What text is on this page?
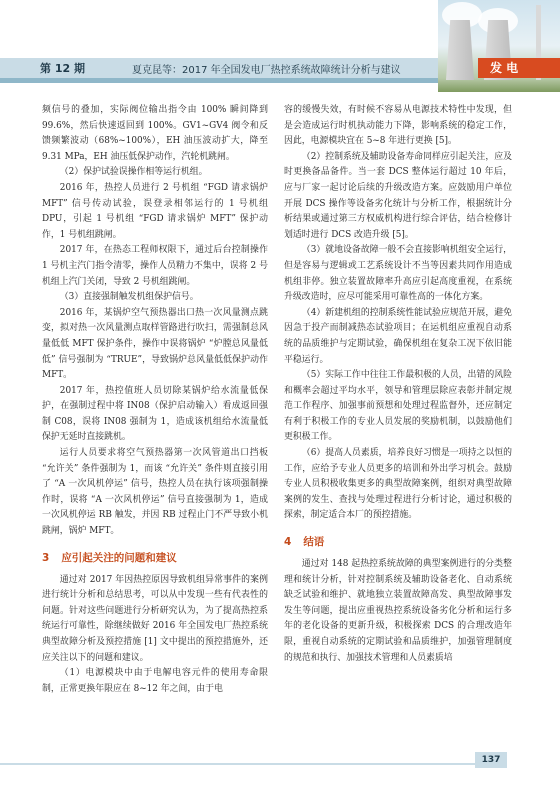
第 12 期	夏克昆等：2017 年全国发电厂热控系统故障统计分析与建议	发 电

频信号的叠加，实际阀位输出指令由 100% 瞬间降到 99.6%，然后快速返回到 100%。GV1~GV4 阀令和反馈频繁波动（68%~100%），EH 油压波动扩大，降至 9.31 MPa，EH 油压低保护动作，汽轮机跳闸。

（2）保护试验误操作相等运行机组。

2016 年，热控人员进行 2 号机组 “FGD 请求锅炉 MFT” 信号传动试验，误登录相邻运行的 1 号机组 DPU，引起 1 号机组 “FGD 请求锅炉 MFT” 保护动作，1 号机组跳闸。

2017 年，在热态工程师权限下，通过后台控制操作 1 号机主汽门指令清零，操作人员精力不集中，误将 2 号机组上汽门关闭，导致 2 号机组跳闸。

（3）直接强制触发机组保护信号。

2016 年，某锅炉空气预热器出口热一次风量测点跳变，拟对热一次风量测点取样管路进行吹扫，需强制总风量低低 MFT 保护条件，操作中误将锅炉 “炉膛总风量低低” 信号强制为 “TRUE”，导致锅炉总风量低低保护动作 MFT。

2017 年，热控值班人员切除某锅炉给水流量低保护，在强制过程中将 IN08（保护启动输入）看成返回强制 C08，误将 IN08 强制为 1，造成该机组给水流量低保护无延时直接跳机。

运行人员要求将空气预热器第一次风管道出口挡板 “允许关” 条件强制为 1，而该 “允许关” 条件则直接引用了 “A 一次风机停运” 信号，热控人员在执行该项强制操作时，误将 “A 一次风机停运” 信号直接强制为 1，造成一次风机停运 RB 触发，并因 RB 过程止门不严导致小机跳闸，锅炉 MFT。

3 应引起关注的问题和建议

通过对 2017 年因热控原因导致机组异常事件的案例进行统计分析和总结思考，可以从中发现一些有代表性的问题。针对这些问题进行分析研究认为，为了提高热控系统运行可靠性，除继续做好 2016 年全国发电厂热控系统典型故障分析及预控措施 [1] 文中提出的预控措施外，还应关注以下的问题和建议。

（1）电源模块中由于电解电容元件的使用寿命限制，正常更换年限应在 8~12 年之间，由于电

容的缓慢失效，有时候不容易从电源技术特性中发现，但是会造成运行时机执动能力下降，影响系统的稳定工作，因此，电源模块宜在 5~8 年进行更换 [5]。

（2）控制系统及辅助设备寿命同样应引起关注，应及时更换备品备件。当一套 DCS 整体运行超过 10 年后，应与厂家一起讨论后续的升级改造方案。应鼓励用户单位开展 DCS 操作等设备劣化统计与分析工作，根据统计分析结果或通过第三方权威机构进行综合评估，结合检修计划适时进行 DCS 改造升级 [5]。

（3）就地设备故障一般不会直接影响机组安全运行，但是容易与逻辑或工艺系统设计不当等因素共同作用造成机组非停。独立装置故障率升高应引起高度重视，在系统升级改造时，应尽可能采用可靠性高的一体化方案。

（4）新建机组的控制系统性能试验应规范开展，避免因急于投产而制减热态试验项目；在运机组应重视自动系统的品质维护与定期试验，确保机组在复杂工况下依旧能平稳运行。

（5）实际工作中往往工作最积极的人员，出错的风险和概率会超过平均水平，领导和管理层除应表彰并制定规范工作程序、加强事前预想和处理过程监督外，还应制定有利于积极工作的专业人员发展的奖励机制，以鼓励他们更积极工作。

（6）提高人员素质，培养良好习惯是一项持之以恒的工作，应给予专业人员更多的培训和外出学习机会。鼓励专业人员积极收集更多的典型故障案例，组织对典型故障案例的发生、查找与处理过程进行分析讨论，通过积极的探索，制定适合本厂的预控措施。

4 结语

通过对 148 起热控系统故障的典型案例进行的分类整理和统计分析，针对控制系统及辅助设备老化、自动系统缺乏试验和维护、就地独立装置故障高发、典型故障事发发生等问题，提出应重视热控系统设备劣化分析和运行多年的老化设备的更新升级，积极探索 DCS 的合理改造年限，重视自动系统的定期试验和品质维护，加强管理制度的规范和执行、加强技术管理和人员素质培

137
